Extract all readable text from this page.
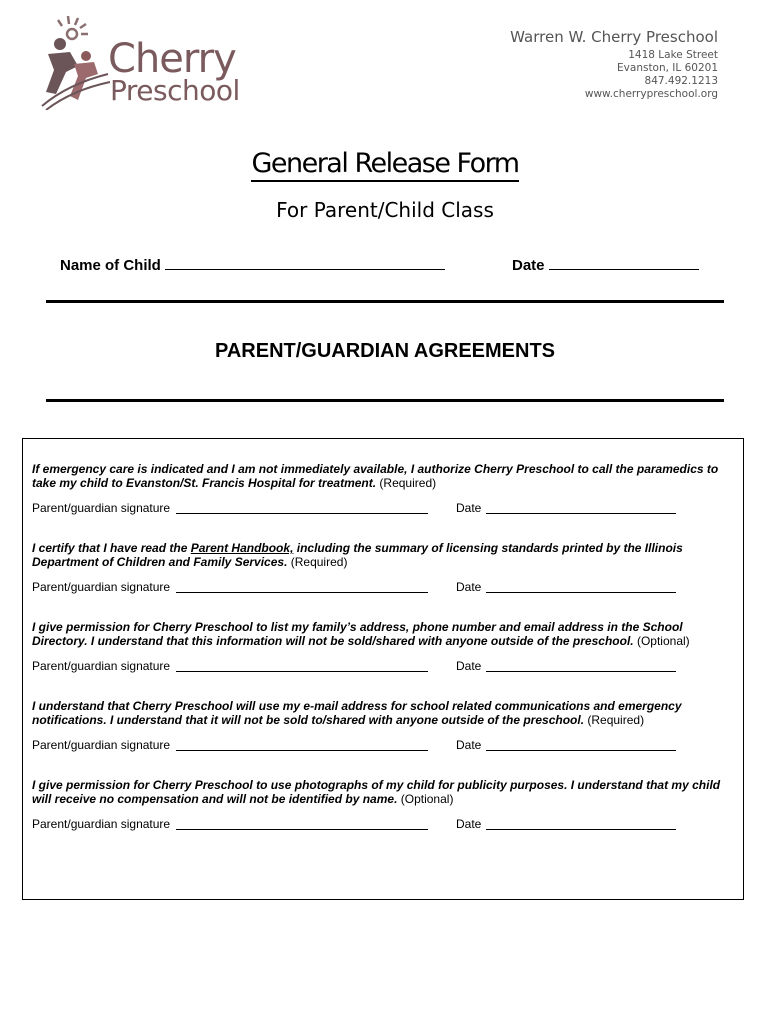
Cherry
Preschool
Warren W. Cherry Preschool
1418 Lake Street
Evanston, IL 60201
847.492.1213
www.cherrypreschool.org
General Release Form
For Parent/Child Class
Name of Child	Date
PARENT/GUARDIAN AGREEMENTS
If emergency care is indicated and I am not immediately available, I authorize Cherry Preschool to call the paramedics to take my child to Evanston/St. Francis Hospital for treatment. (Required)
Parent/guardian signature	Date
I certify that I have read the Parent Handbook, including the summary of licensing standards printed by the Illinois Department of Children and Family Services. (Required)
Parent/guardian signature	Date
I give permission for Cherry Preschool to list my family’s address, phone number and email address in the School Directory. I understand that this information will not be sold/shared with anyone outside of the preschool. (Optional)
Parent/guardian signature	Date
I understand that Cherry Preschool will use my e-mail address for school related communications and emergency notifications. I understand that it will not be sold to/shared with anyone outside of the preschool. (Required)
Parent/guardian signature	Date
I give permission for Cherry Preschool to use photographs of my child for publicity purposes. I understand that my child will receive no compensation and will not be identified by name. (Optional)
Parent/guardian signature	Date
